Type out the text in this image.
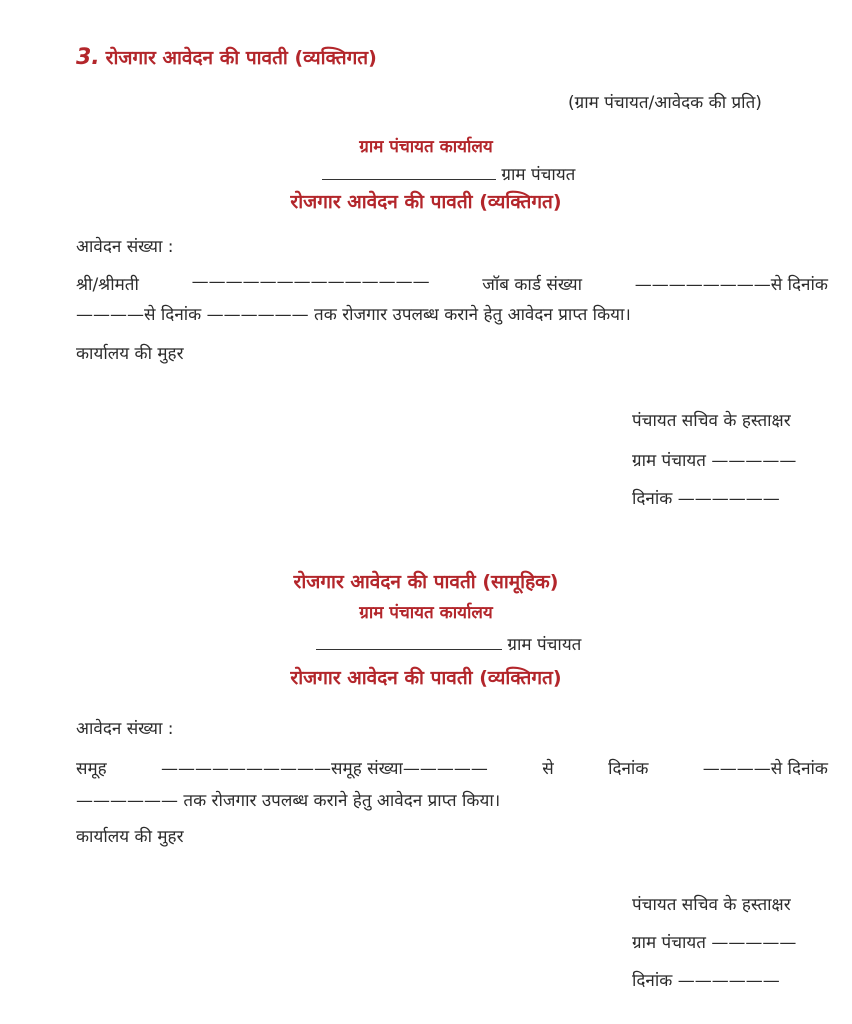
3. रोजगार आवेदन की पावती (व्यक्तिगत)
(ग्राम पंचायत/आवेदक की प्रति)
ग्राम पंचायत कार्यालय
ग्राम पंचायत
रोजगार आवेदन की पावती (व्यक्तिगत)
आवेदन संख्या :
श्री/श्रीमती	——————————————	जॉब कार्ड संख्या	————————से दिनांक
————से दिनांक —————— तक रोजगार उपलब्ध कराने हेतु आवेदन प्राप्त किया।
कार्यालय की मुहर
पंचायत सचिव के हस्ताक्षर
ग्राम पंचायत —————
दिनांक ——————
रोजगार आवेदन की पावती (सामूहिक)
ग्राम पंचायत कार्यालय
ग्राम पंचायत
रोजगार आवेदन की पावती (व्यक्तिगत)
आवेदन संख्या :
समूह	——————————समूह संख्या—————	से	दिनांक	————से दिनांक
—————— तक रोजगार उपलब्ध कराने हेतु आवेदन प्राप्त किया।
कार्यालय की मुहर
पंचायत सचिव के हस्ताक्षर
ग्राम पंचायत —————
दिनांक ——————
